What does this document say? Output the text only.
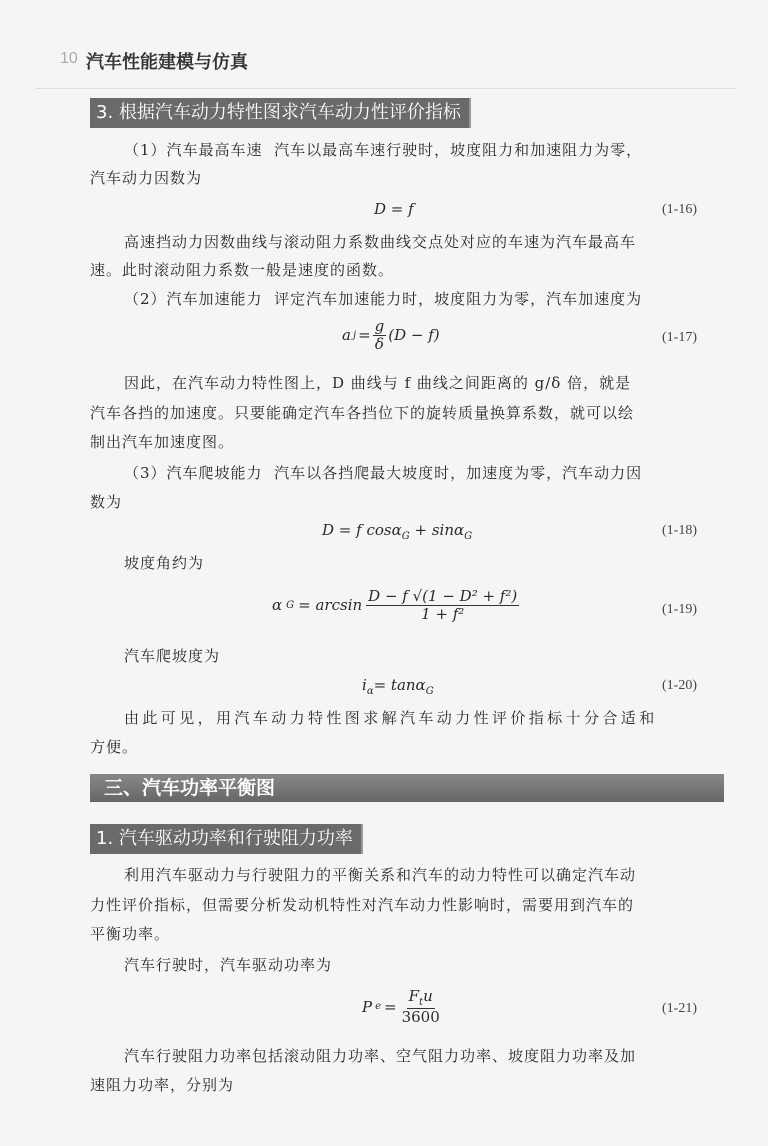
10 汽车性能建模与仿真
3. 根据汽车动力特性图求汽车动力性评价指标
（1）汽车最高车速 汽车以最高车速行驶时，坡度阻力和加速阻力为零，
汽车动力因数为
D = f	(1-16)
高速挡动力因数曲线与滚动阻力系数曲线交点处对应的车速为汽车最高车
速。此时滚动阻力系数一般是速度的函数。
（2）汽车加速能力 评定汽车加速能力时，坡度阻力为零，汽车加速度为
a $j = \frac{g}{\delta} (D - f)$	(1-17)
因此，在汽车动力特性图上，D 曲线与 f 曲线之间距离的 g/δ 倍，就是
汽车各挡的加速度。只要能确定汽车各挡位下的旋转质量换算系数，就可以绘
制出汽车加速度图。
（3）汽车爬坡能力 汽车以各挡爬最大坡度时，加速度为零，汽车动力因
数为
D = f cosα$_G$ + sinα$_G$	(1-18)
坡度角约为
α $G = \arcsin \frac{\text{D − f √(1 − D² + f²)}}{\text{1 + f²}}$	(1-19)
汽车爬坡度为
$i_\alpha= \tan\alpha_G$	(1-20)
由此可见，用汽车动力特性图求解汽车动力性评价指标十分合适和
方便。
三、汽车功率平衡图
1. 汽车驱动功率和行驶阻力功率
利用汽车驱动力与行驶阻力的平衡关系和汽车的动力特性可以确定汽车动
力性评价指标，但需要分析发动机特性对汽车动力性影响时，需要用到汽车的
平衡功率。
汽车行驶时，汽车驱动功率为
P $e = \frac{F_tu}{3600}$	(1-21)
汽车行驶阻力功率包括滚动阻力功率、空气阻力功率、坡度阻力功率及加
速阻力功率，分别为
